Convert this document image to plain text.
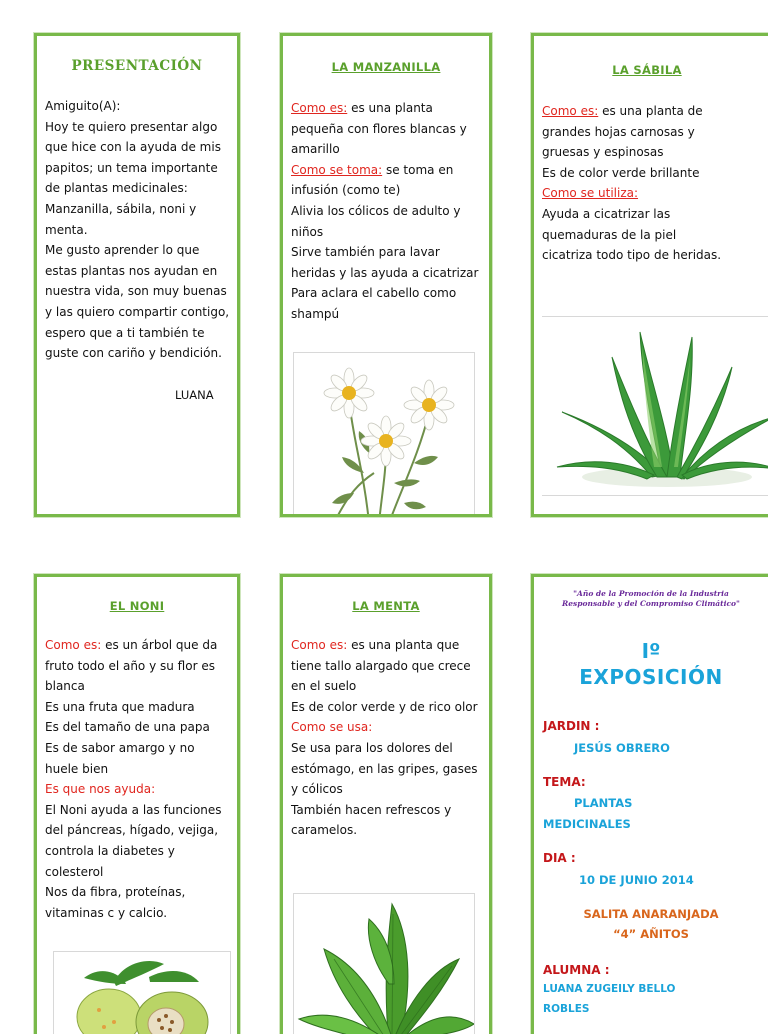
PRESENTACIÓN
Amiguito(A):
Hoy te quiero presentar algo
que hice con la ayuda de mis
papitos; un tema importante
de plantas medicinales:
Manzanilla, sábila, noni y
menta.
Me gusto aprender lo que
estas plantas nos ayudan en
nuestra vida, son muy buenas
y las quiero compartir contigo,
espero que a ti también te
guste con cariño y bendición.
LUANA
LA MANZANILLA
Como es: es una planta
pequeña con flores blancas y
amarillo
Como se toma: se toma en
infusión (como te)
Alivia los cólicos de adulto y
niños
Sirve también para lavar
heridas y las ayuda a cicatrizar
Para aclara el cabello como
shampú
LA SÁBILA
Como es: es una planta de
grandes hojas carnosas y
gruesas y espinosas
Es de color verde brillante
Como se utiliza:
Ayuda a cicatrizar las
quemaduras de la piel
cicatriza todo tipo de heridas.
EL NONI
Como es: es un árbol que da
fruto todo el año y su flor es
blanca
Es una fruta que madura
Es del tamaño de una papa
Es de sabor amargo y no
huele bien
Es que nos ayuda:
El Noni ayuda a las funciones
del páncreas, hígado, vejiga,
controla la diabetes y
colesterol
Nos da fibra, proteínas,
vitaminas c y calcio.
LA MENTA
Como es: es una planta que
tiene tallo alargado que crece
en el suelo
Es de color verde y de rico olor
Como se usa:
Se usa para los dolores del
estómago, en las gripes, gases
y cólicos
También hacen refrescos y
caramelos.
"Año de la Promoción de la Industria
Responsable y del Compromiso Climático"
Iº
EXPOSICIÓN
JARDIN :
JESÚS OBRERO
TEMA:
PLANTAS
MEDICINALES
DIA :
10 DE JUNIO 2014
SALITA ANARANJADA
“4” AÑITOS
ALUMNA :
LUANA ZUGEILY BELLO
ROBLES
